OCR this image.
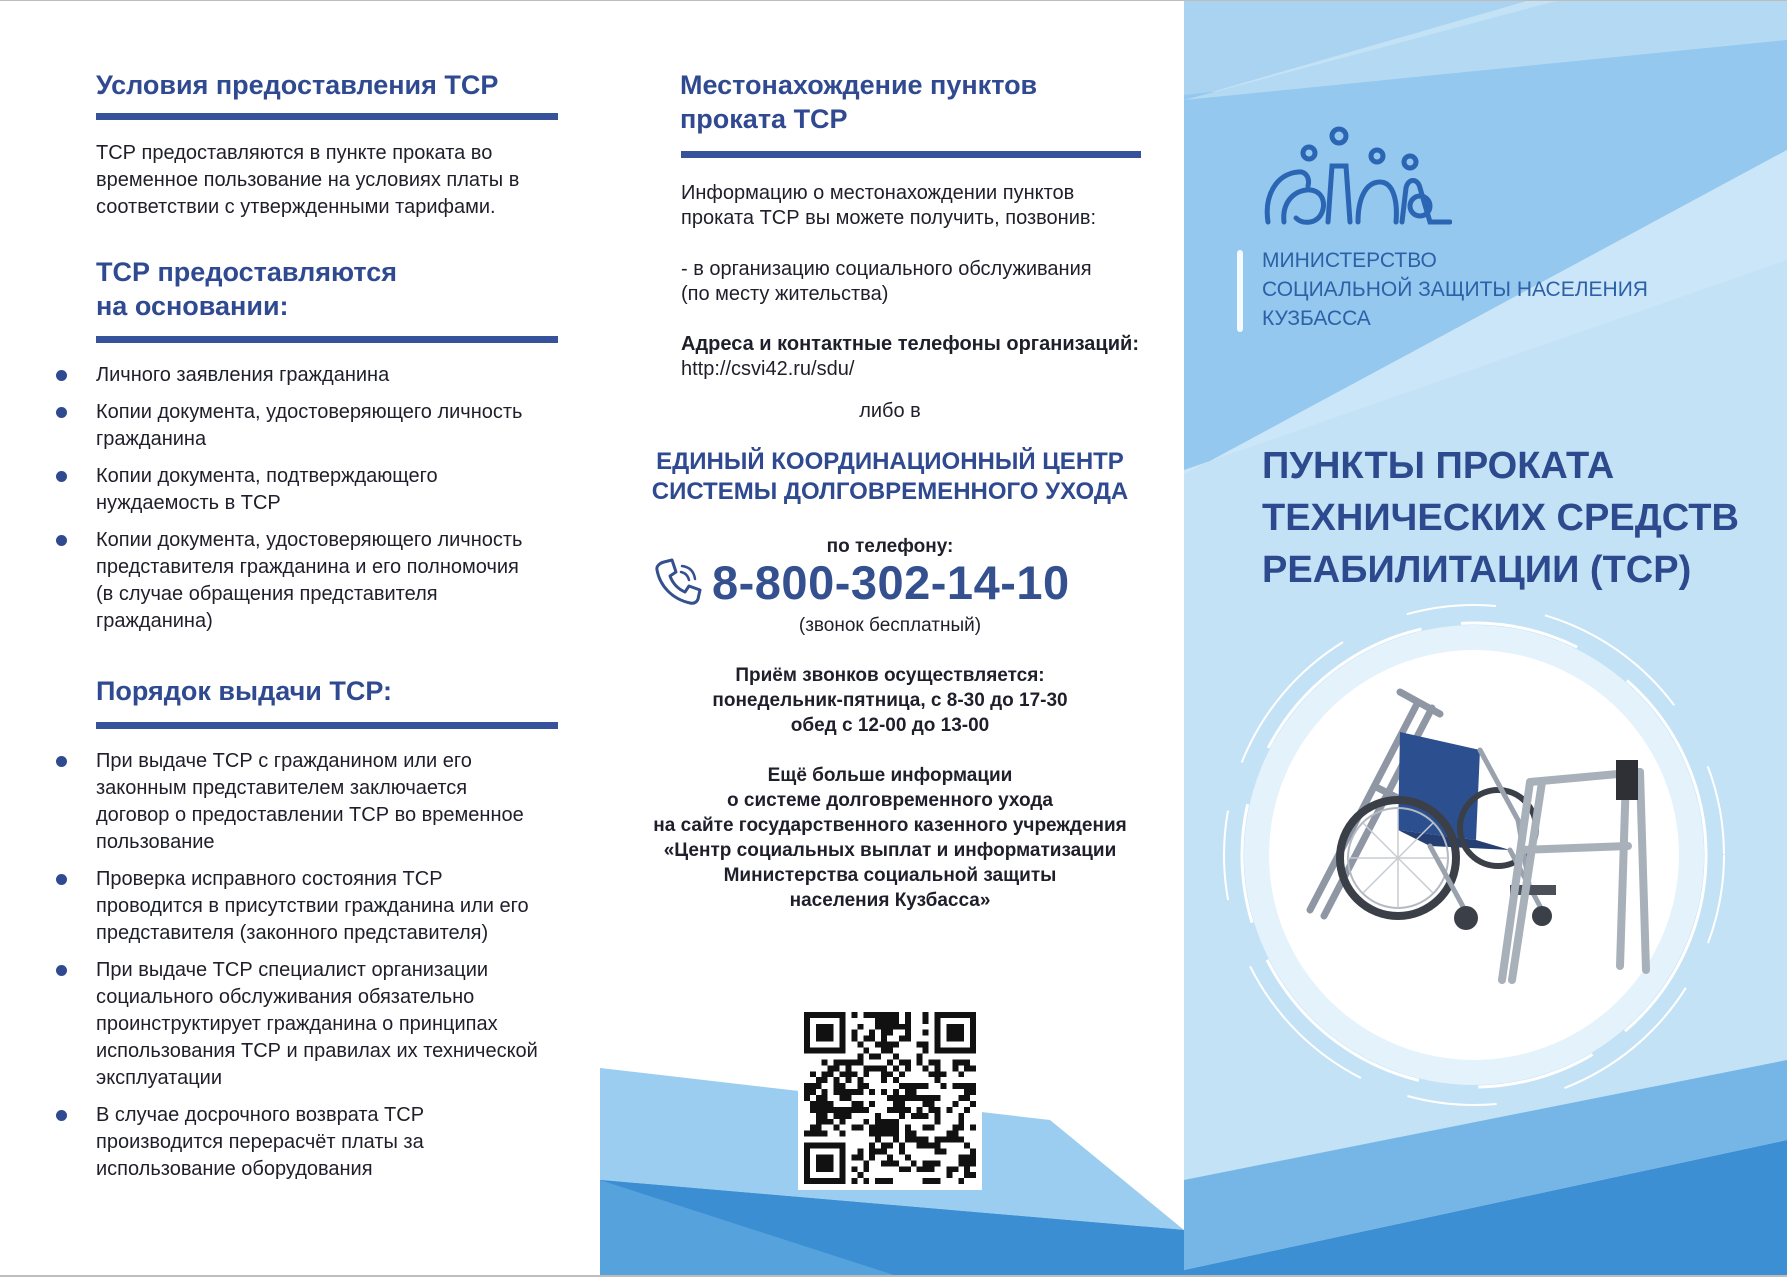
Условия предоставления ТСР

ТСР предоставляются в пункте проката во
временное пользование на условиях платы в
соответствии с утвержденными тарифами.

ТСР предоставляются
на основании:
Личного заявления гражданина
Копии документа, удостоверяющего личность
гражданина
Копии документа, подтверждающего
нуждаемость в ТСР
Копии документа, удостоверяющего личность
представителя гражданина и его полномочия
(в случае обращения представителя
гражданина)
Порядок выдачи ТСР:
При выдаче ТСР с гражданином или его
законным представителем заключается
договор о предоставлении ТСР во временное
пользование
Проверка исправного состояния ТСР
проводится в присутствии гражданина или его
представителя (законного представителя)
При выдаче ТСР специалист организации
социального обслуживания обязательно
проинструктирует гражданина о принципах
использования ТСР и правилах их технической
эксплуатации
В случае досрочного возврата ТСР
производится перерасчёт платы за
использование оборудования
Местонахождение пунктов
проката ТСР

Информацию о местонахождении пунктов
проката ТСР вы можете получить, позвонив:

- в организацию социального обслуживания
(по месту жительства)

Адреса и контактные телефоны организаций:

http://csvi42.ru/sdu/

либо в

ЕДИНЫЙ КООРДИНАЦИОННЫЙ ЦЕНТР
СИСТЕМЫ ДОЛГОВРЕМЕННОГО УХОДА

по телефону:

8-800-302-14-10

(звонок бесплатный)

Приём звонков осуществляется:
понедельник-пятница, с 8-30 до 17-30
обед с 12-00 до 13-00

Ещё больше информации
о системе долговременного ухода
на сайте государственного казенного учреждения
«Центр социальных выплат и информатизации
Министерства социальной защиты
населения Кузбасса»

МИНИСТЕРСТВО
СОЦИАЛЬНОЙ ЗАЩИТЫ НАСЕЛЕНИЯ
КУЗБАССА

ПУНКТЫ ПРОКАТА
ТЕХНИЧЕСКИХ СРЕДСТВ
РЕАБИЛИТАЦИИ (ТСР)
